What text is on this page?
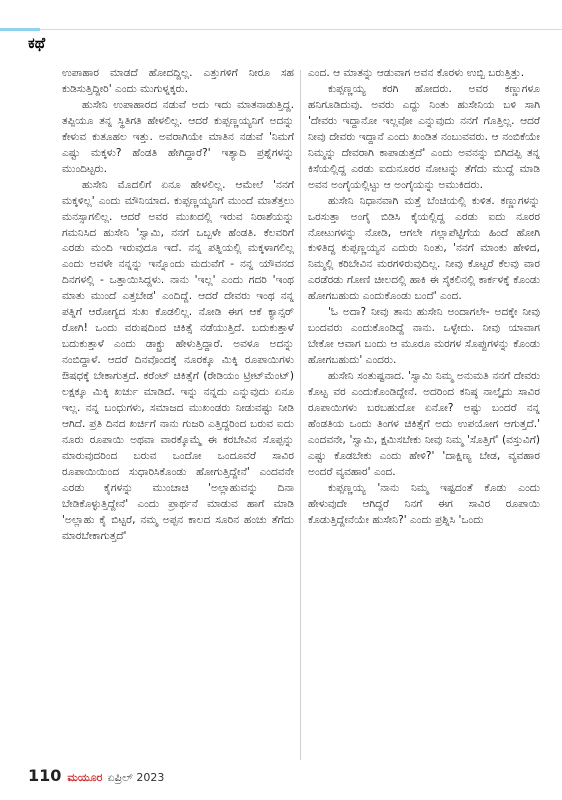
ಕಥೆ

ಉಪಾಹಾರ ಮಾಡದೆ ಹೋದದ್ದಿಲ್ಲ. ಎತ್ತುಗಳಿಗೆ ನೀರೂ ಸಹ ಕುಡಿಸುತ್ತಿದ್ದೀರಿ' ಎಂದು ಮುಗುಳ್ನಕ್ಕರು.

ಹುಸೇನಿ ಉಪಾಹಾರದ ನಡುವೆ ಅದು ಇದು ಮಾತನಾಡುತ್ತಿದ್ದ. ತಪ್ಪಿಯೂ ತನ್ನ ಸ್ಥಿತಿಗತಿ ಹೇಳಲಿಲ್ಲ. ಆದರೆ ಕುಪ್ಪಣ್ಣಯ್ಯನಿಗೆ ಅದನ್ನು ಕೇಳುವ ಕುತೂಹಲ ಇತ್ತು. ಅವರಾಗಿಯೇ ಮಾತಿನ ನಡುವೆ 'ನಿಮಗೆ ಎಷ್ಟು ಮಕ್ಕಳು? ಹೆಂಡತಿ ಹೇಗಿದ್ದಾರೆ?' ಇತ್ಯಾದಿ ಪ್ರಶ್ನೆಗಳನ್ನು ಮುಂದಿಟ್ಟರು.

ಹುಸೇನಿ ಮೊದಲಿಗೆ ಏನೂ ಹೇಳಲಿಲ್ಲ. ಆಮೇಲೆ 'ನನಗೆ ಮಕ್ಕಳಿಲ್ಲ' ಎಂದು ಮೌನಿಯಾದ. ಕುಪ್ಪಣ್ಣಯ್ಯನಿಗೆ ಮುಂದೆ ಮಾತೆತ್ತಲು ಮನಸ್ಸಾಗಲಿಲ್ಲ. ಆದರೆ ಅವರ ಮುಖದಲ್ಲಿ ಇರುವ ನಿರಾಶೆಯನ್ನು ಗಮನಿಸಿದ ಹುಸೇನಿ 'ಸ್ವಾಮಿ, ನನಗೆ ಒಬ್ಬಳೇ ಹೆಂಡತಿ. ಕೆಲವರಿಗೆ ಎರಡು ಮಂದಿ ಇರುವುದೂ ಇದೆ. ನನ್ನ ಪತ್ನಿಯಲ್ಲಿ ಮಕ್ಕಳಾಗಲಿಲ್ಲ ಎಂದು ಅವಳೇ ನನ್ನನ್ನು ಇನ್ನೊಂದು ಮದುವೆಗೆ - ನನ್ನ ಯೌವನದ ದಿನಗಳಲ್ಲಿ - ಒತ್ತಾಯಿಸಿದ್ದಳು. ನಾನು 'ಇಲ್ಲ' ಎಂದು ಗದರಿ 'ಇಂಥ ಮಾತು ಮುಂದೆ ಎತ್ತಬೇಡ' ಎಂದಿದ್ದೆ. ಆದರೆ ದೇವರು ಇಂಥ ನನ್ನ ಪತ್ನಿಗೆ ಆರೋಗ್ಯದ ಸುಖ ಕೊಡಲಿಲ್ಲ. ನೋಡಿ ಈಗ ಆಕೆ ಕ್ಯಾನ್ಸರ್ ರೋಗಿ! ಒಂದು ವರುಷದಿಂದ ಚಿಕಿತ್ಸೆ ನಡೆಯುತ್ತಿದೆ. ಬದುಕುತ್ತಾಳೆ ಬದುಕುತ್ತಾಳೆ ಎಂದು ಡಾಕ್ಟ್ರು ಹೇಳುತ್ತಿದ್ದಾರೆ. ಅವಳೂ ಅದನ್ನು ನಂಬಿದ್ದಾಳೆ. ಆದರೆ ದಿನವೊಂದಕ್ಕೆ ನೂರಕ್ಕೂ ಮಿಕ್ಕಿ ರೂಪಾಯಿಗಳು ಔಷಧಕ್ಕೆ ಬೇಕಾಗುತ್ತದೆ. ಕರೆಂಟ್ ಚಿಕಿತ್ಸೆಗೆ (ರೇಡಿಯಂ ಟ್ರೀಟ್‌ಮೆಂಟ್) ಲಕ್ಷಕ್ಕೂ ಮಿಕ್ಕಿ ಖರ್ಚು ಮಾಡಿದೆ. ಇನ್ನು ನನ್ನದು ಎನ್ನುವುದು ಏನೂ ಇಲ್ಲ. ನನ್ನ ಬಂಧುಗಳು, ಸಮಾಜದ ಮುಖಂಡರು ನೀಡುವಷ್ಟು ನೀಡಿ ಆಗಿದೆ. ಪ್ರತಿ ದಿನದ ಖರ್ಚಿಗೆ ನಾನು ಗುಜರಿ ಎತ್ತಿದ್ದರಿಂದ ಬರುವ ಐದು ನೂರು ರೂಪಾಯಿ ಅಥವಾ ವಾರಕ್ಕೊಮ್ಮೆ ಈ ಕರಬೇವಿನ ಸೊಪ್ಪನ್ನು ಮಾರುವುದರಿಂದ ಬರುವ ಒಂದೋ ಒಂದೂವರೆ ಸಾವಿರ ರೂಪಾಯಿಯಿಂದ ಸುಧಾರಿಸಿಕೊಂಡು ಹೋಗುತ್ತಿದ್ದೇನೆ' ಎಂದವನೇ ಎರಡು ಕೈಗಳನ್ನು ಮುಂಚಾಚಿ 'ಅಲ್ಲಾಹುವನ್ನು ದಿನಾ ಬೇಡಿಕೊಳ್ಳುತ್ತಿದ್ದೇನೆ' ಎಂದು ಪ್ರಾರ್ಥನೆ ಮಾಡುವ ಹಾಗೆ ಮಾಡಿ 'ಅಲ್ಲಾಹು ಕೈ ಬಿಟ್ಟರೆ, ನಮ್ಮ ಅಪ್ಪನ ಕಾಲದ ಸೂರಿನ ಹಂಚು ತೆಗೆದು ಮಾರಬೇಕಾಗುತ್ತದೆ'

ಎಂದ. ಆ ಮಾತನ್ನು ಆಡುವಾಗ ಅವನ ಕೊರಳು ಉಬ್ಬಿ ಬರುತ್ತಿತ್ತು.

ಕುಪ್ಪಣ್ಣಯ್ಯ ಕರಗಿ ಹೋದರು. ಅವರ ಕಣ್ಣುಗಳೂ ಹನಿಗೂಡಿದುವು. ಅವರು ಎದ್ದು ನಿಂತು ಹುಸೇನಿಯ ಬಳಿ ಸಾಗಿ 'ದೇವರು ಇದ್ದಾನೋ ಇಲ್ಲವೋ ಎನ್ನುವುದು ನನಗೆ ಗೊತ್ತಿಲ್ಲ. ಆದರೆ ನೀವು ದೇವರು ಇದ್ದಾನೆ ಎಂದು ಖಂಡಿತ ನಂಬುವವರು. ಆ ನಂಬಿಕೆಯೇ ನಿಮ್ಮನ್ನು ದೇವರಾಗಿ ಕಾಪಾಡುತ್ತದೆ' ಎಂದು ಅವನನ್ನು ಬಿಗಿದಪ್ಪಿ ತನ್ನ ಕಿಸೆಯಲ್ಲಿದ್ದ ಎರಡು ಐದುನೂರರ ನೋಟನ್ನು ತೆಗೆದು ಮುದ್ದೆ ಮಾಡಿ ಅವನ ಅಂಗೈಯಲ್ಲಿಟ್ಟು ಆ ಅಂಗೈಯನ್ನು ಅಮುಕಿದರು.

ಹುಸೇನಿ ನಿಧಾನವಾಗಿ ಮತ್ತೆ ಬೆಂಚಿಯಲ್ಲಿ ಕುಳಿತ. ಕಣ್ಣುಗಳನ್ನು ಒರಸುತ್ತಾ ಅಂಗೈ ಬಿಡಿಸಿ ಕೈಯಲ್ಲಿದ್ದ ಎರಡು ಐದು ನೂರರ ನೋಟುಗಳನ್ನು ನೋಡಿ, ಆಗಲೇ ಗಲ್ಲಾಪೆಟ್ಟಿಗೆಯ ಹಿಂದೆ ಹೋಗಿ ಕುಳಿತಿದ್ದ ಕುಪ್ಪಣ್ಣಯ್ಯನ ಎದುರು ನಿಂತು, 'ನನಗೆ ಮಾಂಕು ಹೇಳಿದ, ನಿಮ್ಮಲ್ಲಿ ಕರಿಬೇವಿನ ಮರಗಳಿರುವುದಿಲ್ಲ. ನೀವು ಕೊಟ್ಟರೆ ಕೆಲವು ವಾರ ಎರಡೆರಡು ಗೋಣಿ ಚೀಲದಲ್ಲಿ ಹಾಕಿ ಈ ಸೈಕಲಿನಲ್ಲಿ ಕಾರ್ಕಳಕ್ಕೆ ಕೊಂಡು ಹೋಗಬಹುದು ಎಂದುಕೊಂಡು ಬಂದೆ' ಎಂದ.

'ಓ ಅದಾ? ನೀವು ತಾನು ಹುಸೇನಿ ಅಂದಾಗಲೇ- ಅದಕ್ಕೇ ನೀವು ಬಂದವರು ಎಂದುಕೊಂಡಿದ್ದೆ ನಾನು. ಒಳ್ಳೇದು. ನೀವು ಯಾವಾಗ ಬೇಕೋ ಆವಾಗ ಬಂದು ಆ ಮೂರೂ ಮರಗಳ ಸೊಪ್ಪುಗಳನ್ನು ಕೊಂಡು ಹೋಗಬಹುದು' ಎಂದರು.

ಹುಸೇನಿ ಸಂತುಷ್ಟನಾದ. 'ಸ್ವಾಮಿ ನಿಮ್ಮ ಅನುಮತಿ ನನಗೆ ದೇವರು ಕೊಟ್ಟ ವರ ಎಂದುಕೊಂಡಿದ್ದೇನೆ. ಅದರಿಂದ ಕನಿಷ್ಠ ನಾಲ್ಕೈದು ಸಾವಿರ ರೂಪಾಯಿಗಳು ಬರಬಹುದೋ ಏನೋ? ಅಷ್ಟು ಬಂದರೆ ನನ್ನ ಹೆಂಡತಿಯ ಒಂದು ತಿಂಗಳ ಚಿಕಿತ್ಸೆಗೆ ಅದು ಉಪಯೋಗ ಆಗುತ್ತದೆ.' ಎಂದವನೇ, 'ಸ್ವಾಮಿ, ಕ್ಷಮಿಸಬೇಕು ನೀವು ನಿಮ್ಮ 'ಸೊತ್ತಿಗೆ' (ವಸ್ತುವಿಗೆ) ಎಷ್ಟು ಕೊಡಬೇಕು ಎಂದು ಹೇಳಿ?' 'ದಾಕ್ಷಿಣ್ಯ ಬೇಡ, ವ್ಯವಹಾರ ಅಂದರೆ ವ್ಯವಹಾರ' ಎಂದ.

ಕುಪ್ಪಣ್ಣಯ್ಯ 'ನಾನು ನಿಮ್ಮ ಇಷ್ಟದಂತೆ ಕೊಡು ಎಂದು ಹೇಳುವುದೇ ಆಗಿದ್ದರೆ ನಿನಗೆ ಈಗ ಸಾವಿರ ರೂಪಾಯಿ ಕೊಡುತ್ತಿದ್ದೇನೆಯೇ ಹುಸೇನಿ?' ಎಂದು ಪ್ರಶ್ನಿಸಿ 'ಒಂದು

110 ಮಯೂರ ಏಪ್ರಿಲ್ 2023
